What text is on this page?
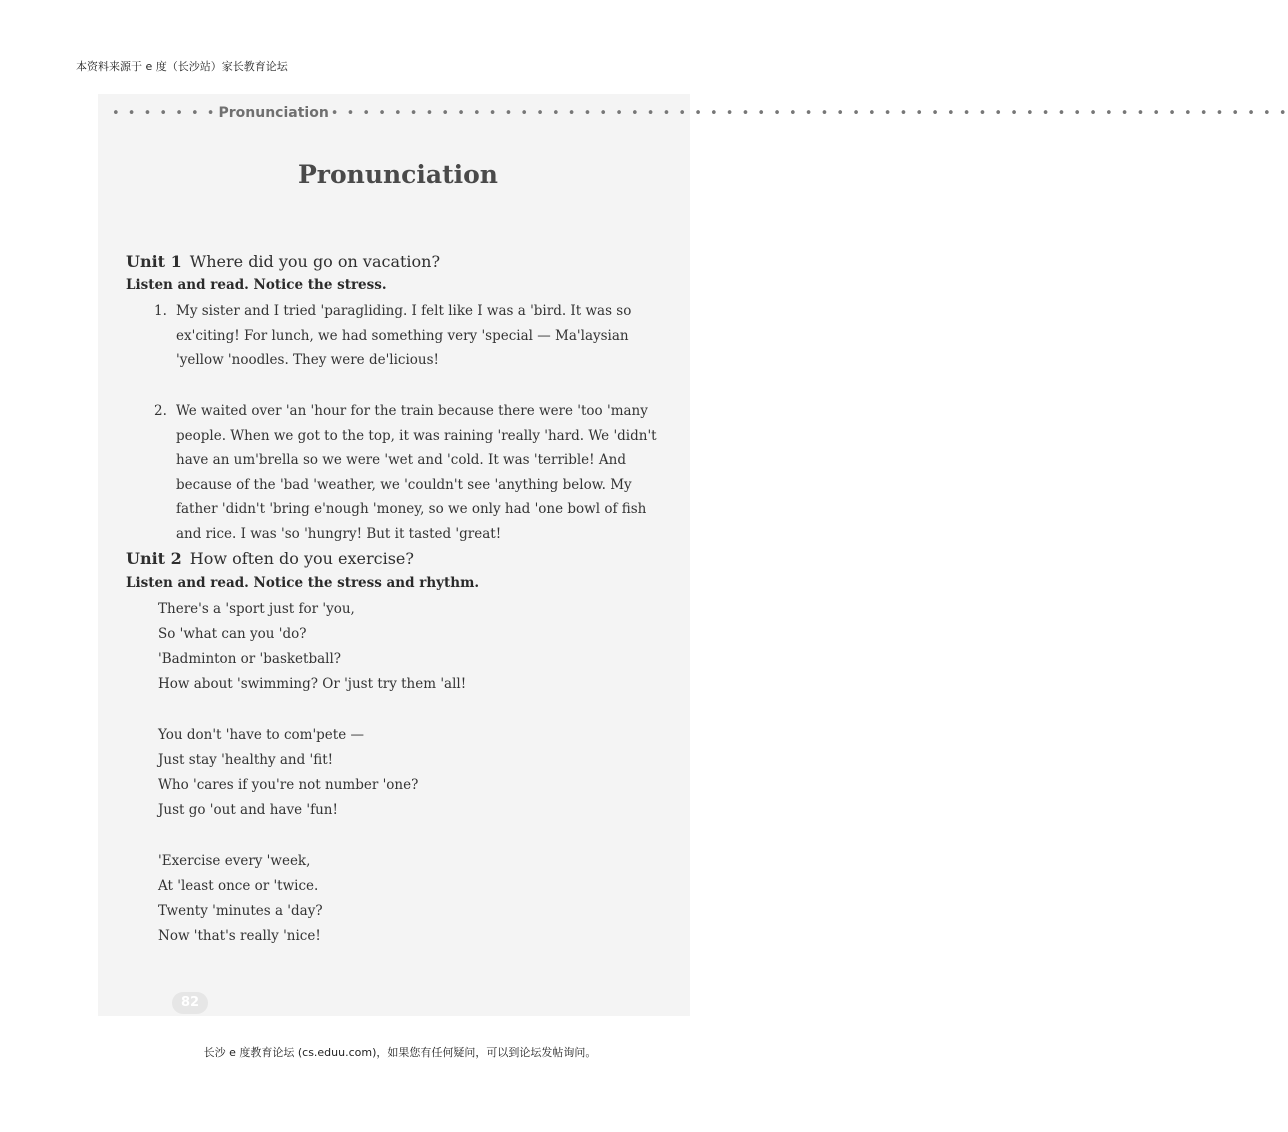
本资料来源于 e 度（长沙站）家长教育论坛
• • • • • • • Pronunciation • • • • • • • • • • • • • • • • • • • • • • • • • • • • • • • • • • • • • • • • • • • • • • • • • • • • • • • • • • • • •
Pronunciation
Unit 1 Where did you go on vacation?

Listen and read. Notice the stress.

1. My sister and I tried 'paragliding. I felt like I was a 'bird. It was so ex'citing! For lunch, we had something very 'special — Ma'laysian 'yellow 'noodles. They were de'licious!
2. We waited over 'an 'hour for the train because there were 'too 'many people. When we got to the top, it was raining 'really 'hard. We 'didn't have an um'brella so we were 'wet and 'cold. It was 'terrible! And because of the 'bad 'weather, we 'couldn't see 'anything below. My father 'didn't 'bring e'nough 'money, so we only had 'one bowl of fish and rice. I was 'so 'hungry! But it tasted 'great!
Unit 2 How often do you exercise?

Listen and read. Notice the stress and rhythm.

There's a 'sport just for 'you,
So 'what can you 'do?
'Badminton or 'basketball?
How about 'swimming? Or 'just try them 'all!
You don't 'have to com'pete —
Just stay 'healthy and 'fit!
Who 'cares if you're not number 'one?
Just go 'out and have 'fun!
'Exercise every 'week,
At 'least once or 'twice.
Twenty 'minutes a 'day?
Now 'that's really 'nice!
82
长沙 e 度教育论坛 (cs.eduu.com)，如果您有任何疑问，可以到论坛发帖询问。
